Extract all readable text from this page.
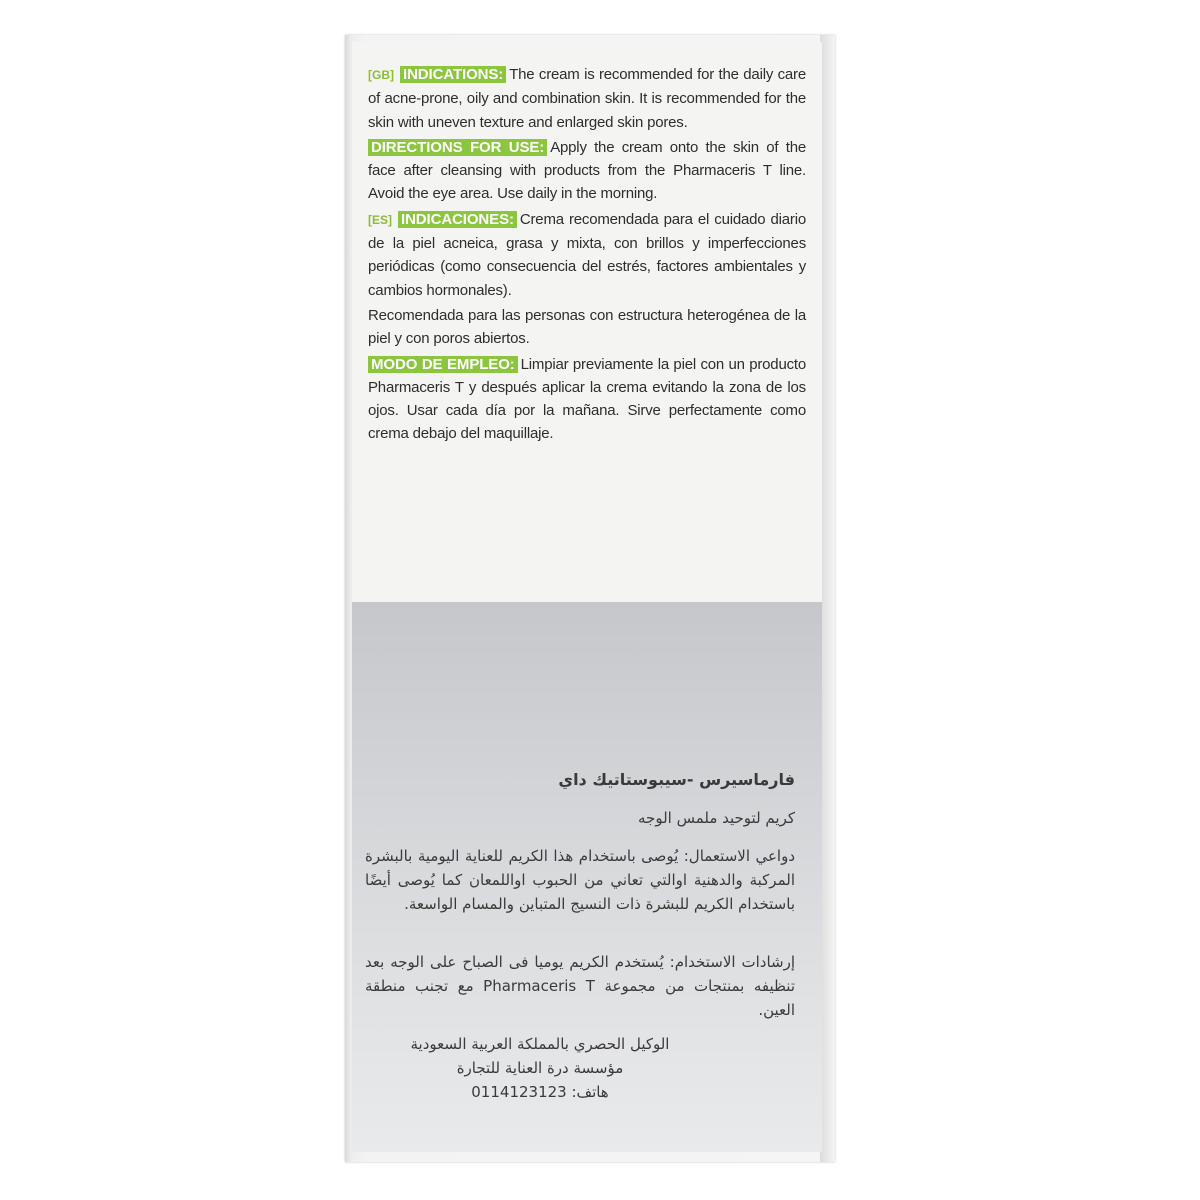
[GB] INDICATIONS: The cream is recommended for the daily care of acne-prone, oily and combination skin. It is recommended for the skin with uneven texture and enlarged skin pores.

DIRECTIONS FOR USE: Apply the cream onto the skin of the face after cleansing with products from the Pharmaceris T line. Avoid the eye area. Use daily in the morning.

[ES] INDICACIONES: Crema recomendada para el cuidado diario de la piel acneica, grasa y mixta, con brillos y imperfecciones periódicas (como consecuencia del estrés, factores ambientales y cambios hormonales).

Recomendada para las personas con estructura heterogénea de la piel y con poros abiertos.

MODO DE EMPLEO: Limpiar previamente la piel con un producto Pharmaceris T y después aplicar la crema evitando la zona de los ojos. Usar cada día por la mañana. Sirve perfectamente como crema debajo del maquillaje.

فارماسيرس -سيبوستاتيك داي
كريم لتوحيد ملمس الوجه
دواعي الاستعمال: يُوصى باستخدام هذا الكريم للعناية اليومية بالبشرة المركبة والدهنية اوالتي تعاني من الحبوب اواللمعان كما يُوصى أيضًا باستخدام الكريم للبشرة ذات النسيج المتباين والمسام الواسعة.
إرشادات الاستخدام: يُستخدم الكريم يوميا فى الصباح على الوجه بعد تنظيفه بمنتجات من مجموعة Pharmaceris T مع تجنب منطقة العين.
الوكيل الحصري بالمملكة العربية السعودية
مؤسسة درة العناية للتجارة
هاتف: 0114123123
